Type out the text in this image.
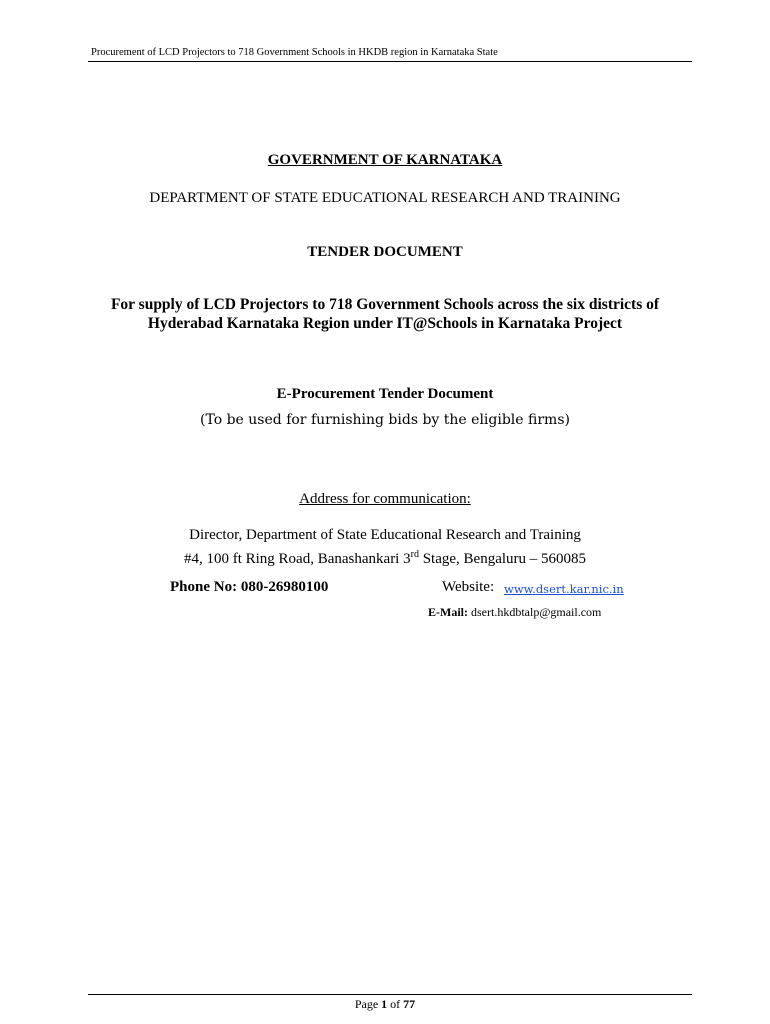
Procurement of LCD Projectors to 718 Government Schools in HKDB region in Karnataka State
GOVERNMENT OF KARNATAKA
DEPARTMENT OF STATE EDUCATIONAL RESEARCH AND TRAINING
TENDER DOCUMENT
For supply of LCD Projectors to 718 Government Schools across the six districts of
Hyderabad Karnataka Region under IT@Schools in Karnataka Project
E-Procurement Tender Document
(To be used for furnishing bids by the eligible firms)
Address for communication:
Director, Department of State Educational Research and Training
#4, 100 ft Ring Road, Banashankari 3rd Stage, Bengaluru – 560085
Phone No: 080-26980100	Website: www.dsert.kar.nic.in
E-Mail: dsert.hkdbtalp@gmail.com
Page 1 of 77
